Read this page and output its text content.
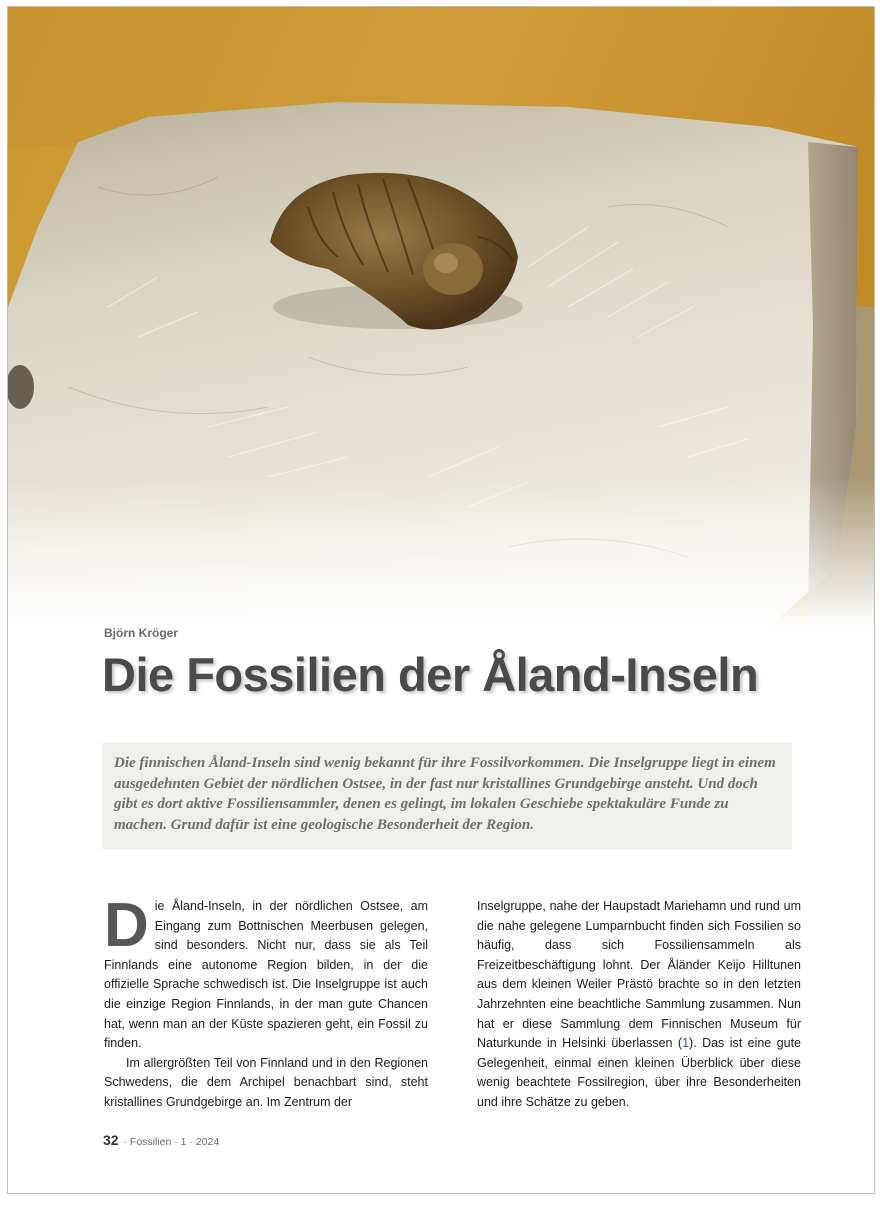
Björn Kröger
Die Fossilien der Åland-Inseln
Die finnischen Åland-Inseln sind wenig bekannt für ihre Fossilvorkommen. Die Inselgruppe liegt in einem ausgedehnten Gebiet der nördlichen Ostsee, in der fast nur kristallines Grundgebirge ansteht. Und doch gibt es dort aktive Fossiliensammler, denen es gelingt, im lokalen Geschiebe spektakuläre Funde zu machen. Grund dafür ist eine geologische Besonderheit der Region.

Die Åland-Inseln, in der nördlichen Ostsee, am Eingang zum Bottnischen Meerbusen gelegen, sind besonders. Nicht nur, dass sie als Teil Finnlands eine autonome Region bilden, in der die offizielle Sprache schwedisch ist. Die Inselgruppe ist auch die einzige Region Finnlands, in der man gute Chancen hat, wenn man an der Küste spazieren geht, ein Fossil zu finden.

Im allergrößten Teil von Finnland und in den Regionen Schwedens, die dem Archipel benachbart sind, steht kristallines Grundgebirge an. Im Zentrum der

Inselgruppe, nahe der Haupstadt Mariehamn und rund um die nahe gelegene Lumparnbucht finden sich Fossilien so häufig, dass sich Fossiliensammeln als Freizeitbeschäftigung lohnt. Der Åländer Keijo Hilltunen aus dem kleinen Weiler Prästö brachte so in den letzten Jahrzehnten eine beachtliche Sammlung zusammen. Nun hat er diese Sammlung dem Finnischen Museum für Naturkunde in Helsinki überlassen (1). Das ist eine gute Gelegenheit, einmal einen kleinen Überblick über diese wenig beachtete Fossilregion, über ihre Besonderheiten und ihre Schätze zu geben.

32 · Fossilien · 1 · 2024
